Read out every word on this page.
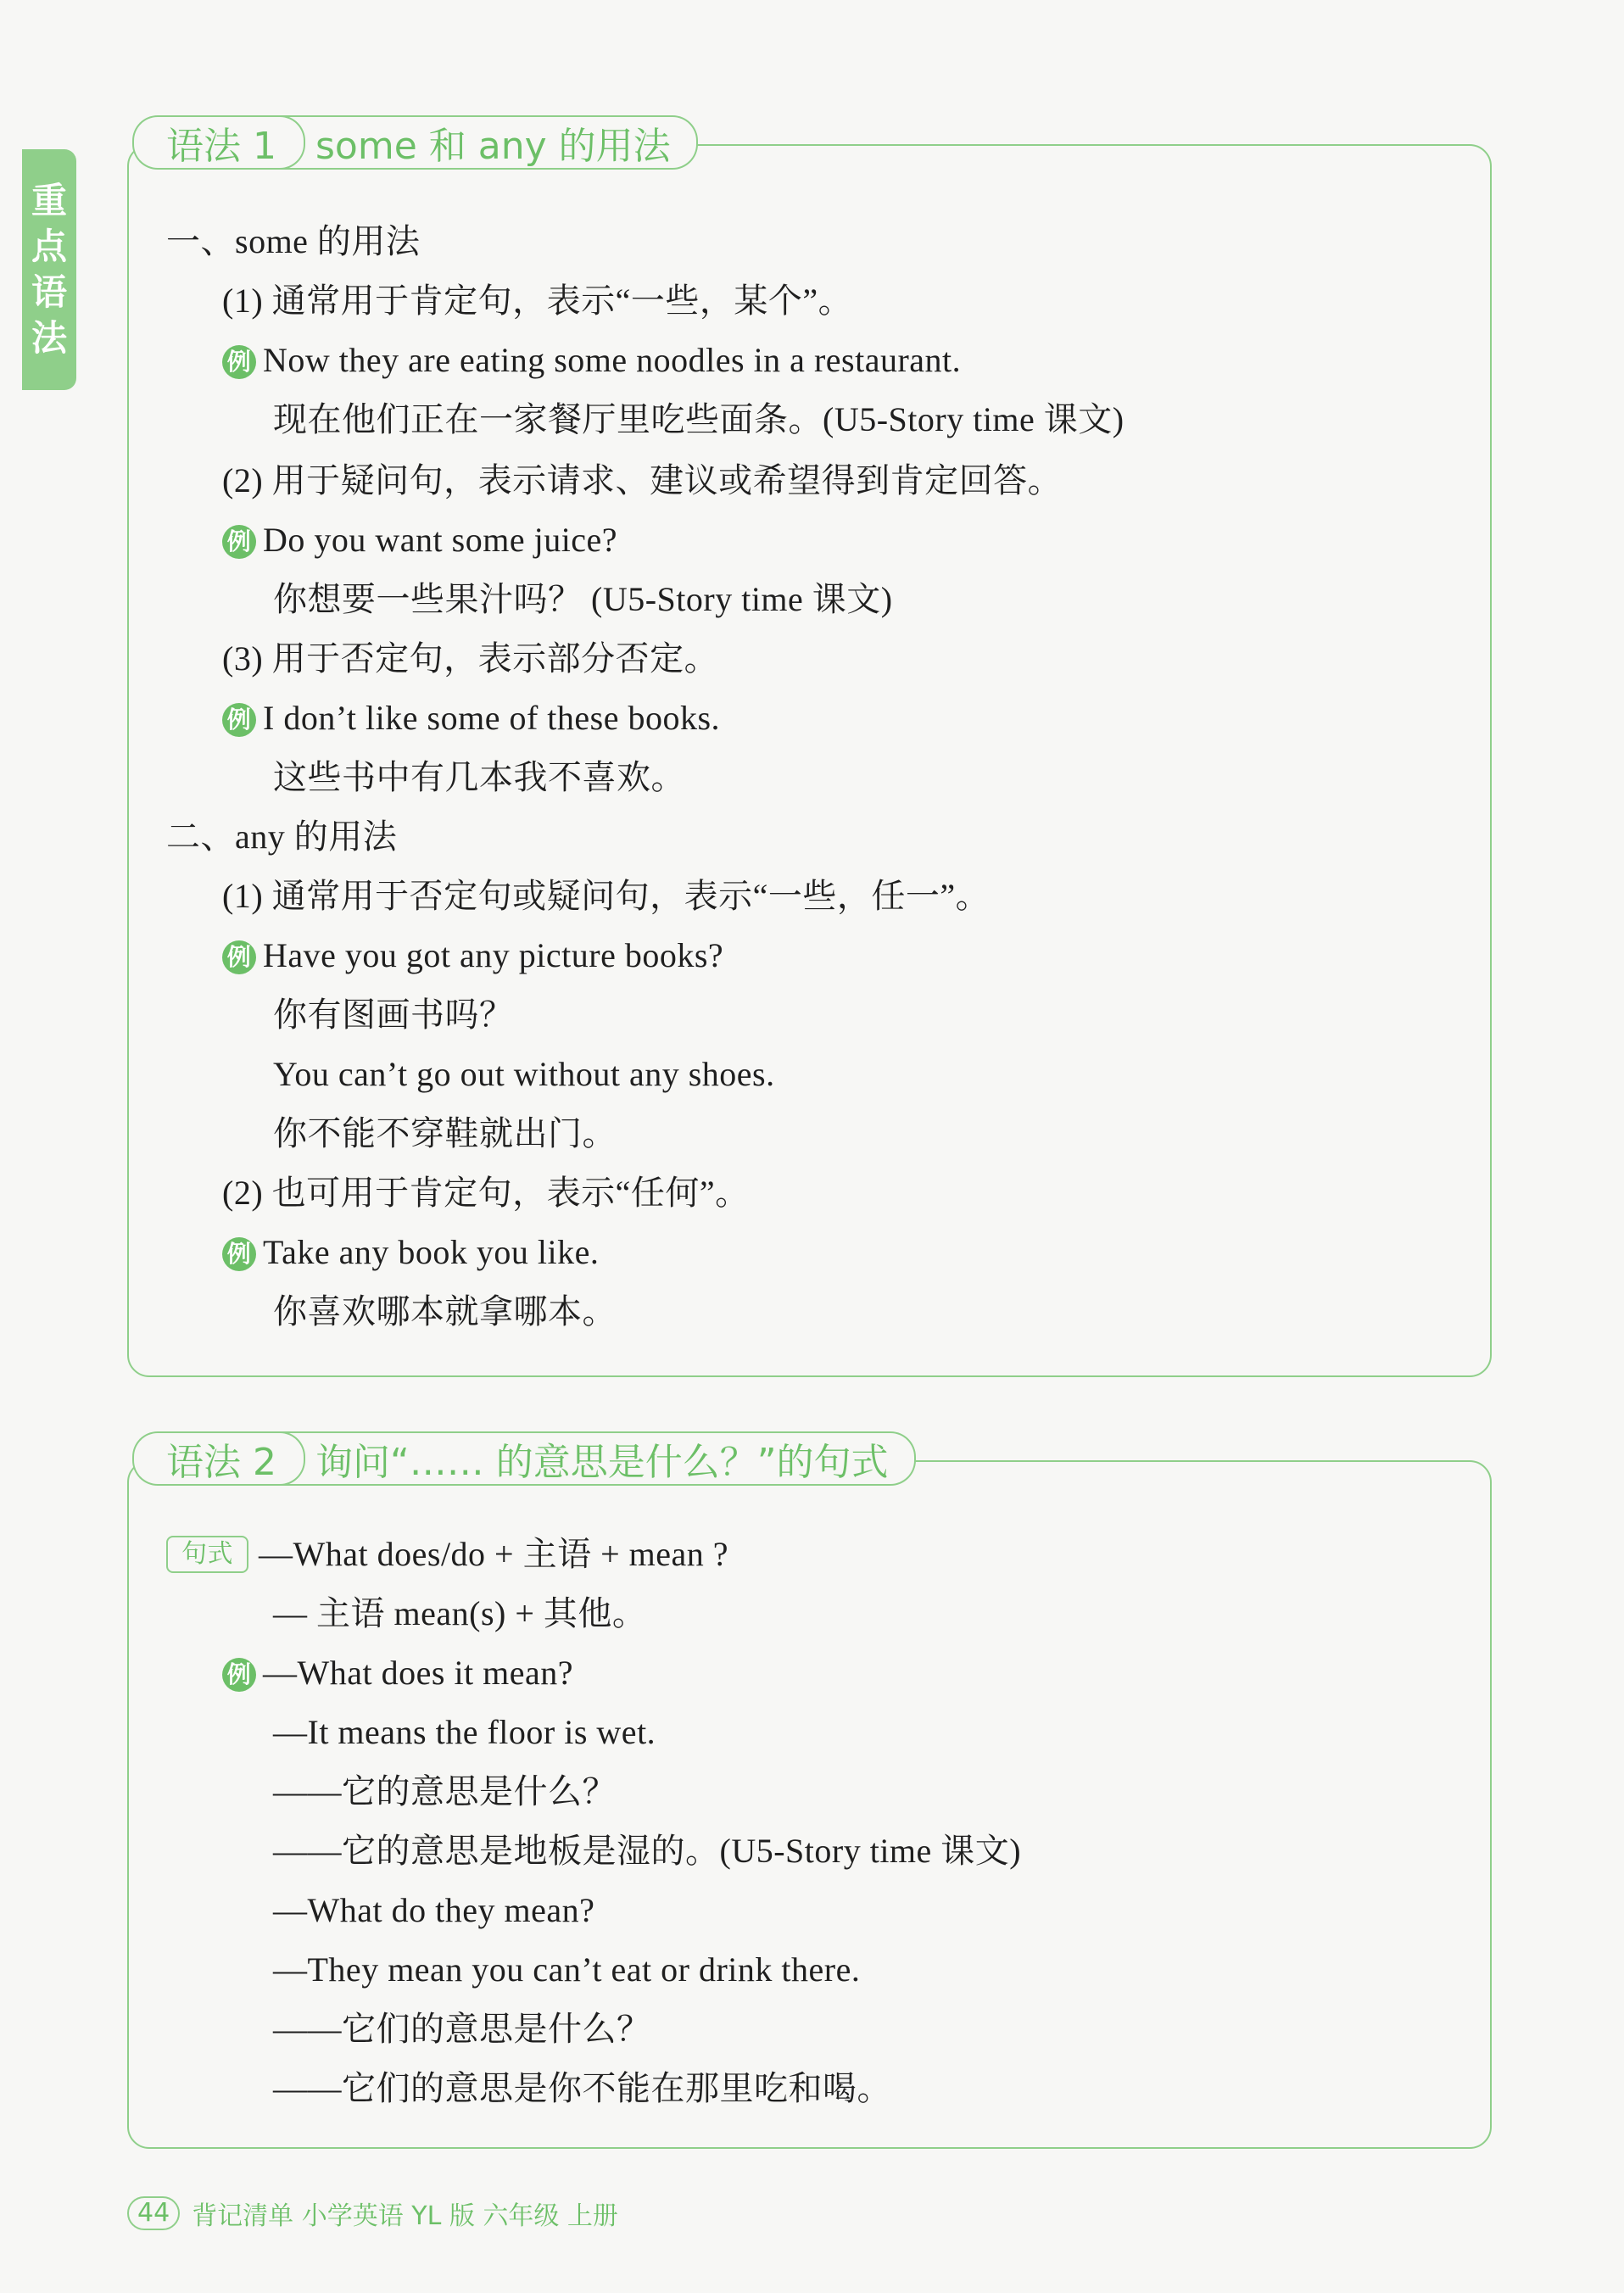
重
点
语
法
语法 1	some 和 any 的用法
一、some 的用法
(1) 通常用于肯定句，表示“一些，某个”。
例 Now they are eating some noodles in a restaurant.
现在他们正在一家餐厅里吃些面条。(U5-Story time 课文)
(2) 用于疑问句，表示请求、建议或希望得到肯定回答。
例 Do you want some juice?
你想要一些果汁吗？ (U5-Story time 课文)
(3) 用于否定句，表示部分否定。
例 I don’t like some of these books.
这些书中有几本我不喜欢。
二、any 的用法
(1) 通常用于否定句或疑问句，表示“一些，任一”。
例 Have you got any picture books?
你有图画书吗？
You can’t go out without any shoes.
你不能不穿鞋就出门。
(2) 也可用于肯定句，表示“任何”。
例 Take any book you like.
你喜欢哪本就拿哪本。
语法 2	询问“…… 的意思是什么？”的句式
句式 —What does/do + 主语 + mean ?
— 主语 mean(s) + 其他。
例 —What does it mean?
—It means the floor is wet.
——它的意思是什么？
——它的意思是地板是湿的。(U5-Story time 课文)
—What do they mean?
—They mean you can’t eat or drink there.
——它们的意思是什么？
——它们的意思是你不能在那里吃和喝。
44 背记清单 小学英语 YL 版 六年级 上册
